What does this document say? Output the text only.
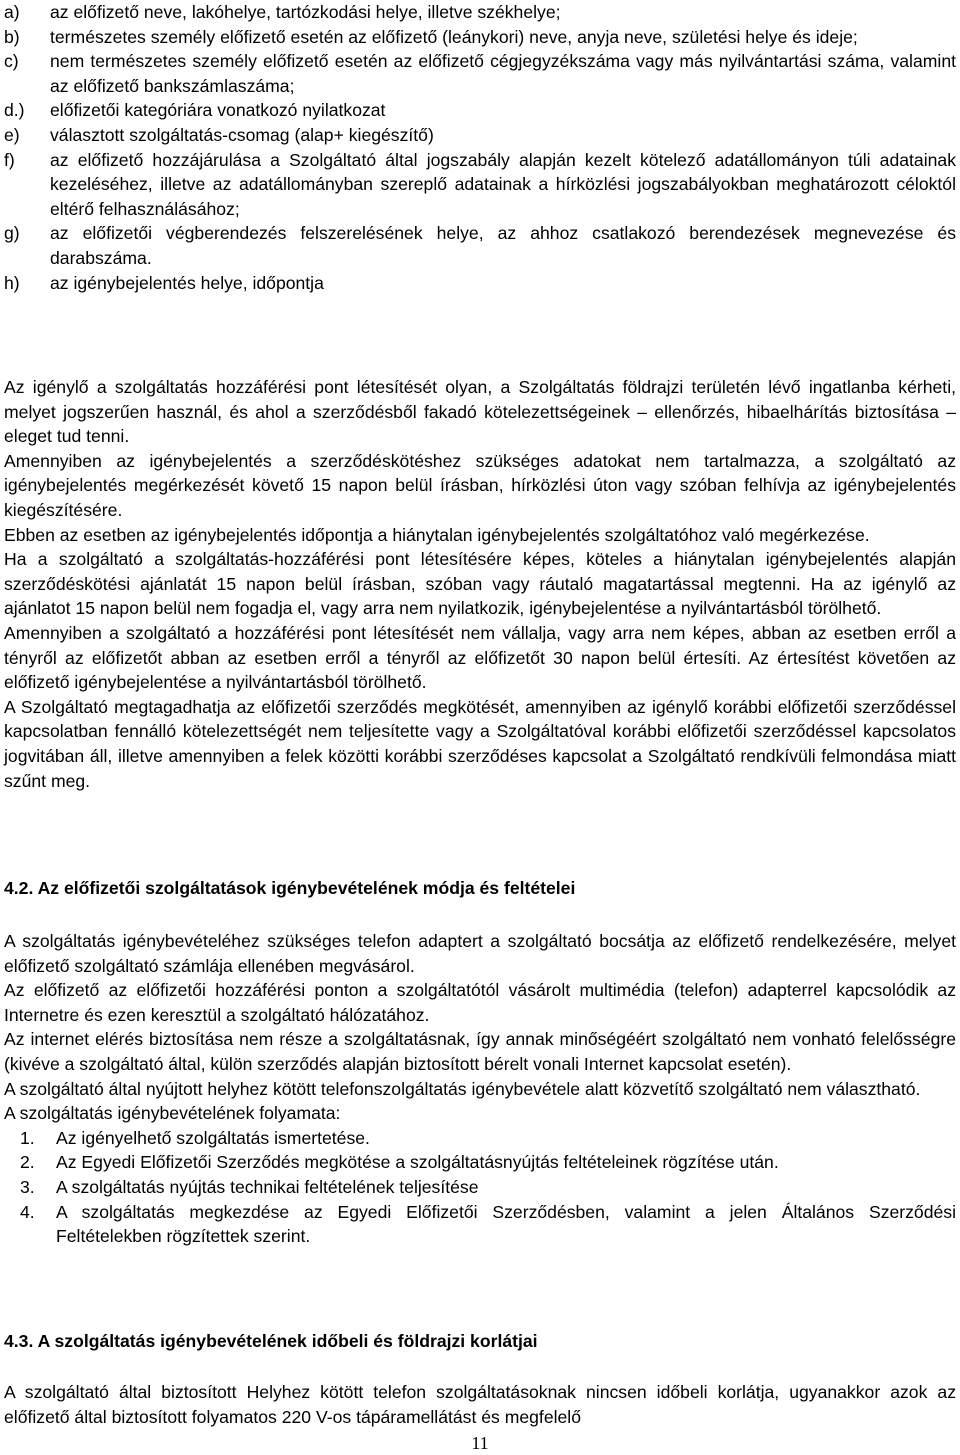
a)	az előfizető neve, lakóhelye, tartózkodási helye, illetve székhelye;
b)	természetes személy előfizető esetén az előfizető (leánykori) neve, anyja neve, születési helye és ideje;
c)	nem természetes személy előfizető esetén az előfizető cégjegyzékszáma vagy más nyilvántartási száma, valamint az előfizető bankszámlaszáma;
d.)	előfizetői kategóriára vonatkozó nyilatkozat
e)	választott szolgáltatás-csomag (alap+ kiegészítő)
f)	az előfizető hozzájárulása a Szolgáltató által jogszabály alapján kezelt kötelező adatállományon túli adatainak kezeléséhez, illetve az adatállományban szereplő adatainak a hírközlési jogszabályokban meghatározott céloktól eltérő felhasználásához;
g)	az előfizetői végberendezés felszerelésének helye, az ahhoz csatlakozó berendezések megnevezése és darabszáma.
h)	az igénybejelentés helye, időpontja

Az igénylő a szolgáltatás hozzáférési pont létesítését olyan, a Szolgáltatás földrajzi területén lévő ingatlanba kérheti, melyet jogszerűen használ, és ahol a szerződésből fakadó kötelezettségeinek – ellenőrzés, hibaelhárítás biztosítása – eleget tud tenni.

Amennyiben az igénybejelentés a szerződéskötéshez szükséges adatokat nem tartalmazza, a szolgáltató az igénybejelentés megérkezését követő 15 napon belül írásban, hírközlési úton vagy szóban felhívja az igénybejelentés kiegészítésére.

Ebben az esetben az igénybejelentés időpontja a hiánytalan igénybejelentés szolgáltatóhoz való megérkezése.

Ha a szolgáltató a szolgáltatás-hozzáférési pont létesítésére képes, köteles a hiánytalan igénybejelentés alapján szerződéskötési ajánlatát 15 napon belül írásban, szóban vagy ráutaló magatartással megtenni. Ha az igénylő az ajánlatot 15 napon belül nem fogadja el, vagy arra nem nyilatkozik, igénybejelentése a nyilvántartásból törölhető.

Amennyiben a szolgáltató a hozzáférési pont létesítését nem vállalja, vagy arra nem képes, abban az esetben erről a tényről az előfizetőt abban az esetben erről a tényről az előfizetőt 30 napon belül értesíti. Az értesítést követően az előfizető igénybejelentése a nyilvántartásból törölhető.

A Szolgáltató megtagadhatja az előfizetői szerződés megkötését, amennyiben az igénylő korábbi előfizetői szerződéssel kapcsolatban fennálló kötelezettségét nem teljesítette vagy a Szolgáltatóval korábbi előfizetői szerződéssel kapcsolatos jogvitában áll, illetve amennyiben a felek közötti korábbi szerződéses kapcsolat a Szolgáltató rendkívüli felmondása miatt szűnt meg.

4.2. Az előfizetői szolgáltatások igénybevételének módja és feltételei

A szolgáltatás igénybevételéhez szükséges telefon adaptert a szolgáltató bocsátja az előfizető rendelkezésére, melyet előfizető szolgáltató számlája ellenében megvásárol.

Az előfizető az előfizetői hozzáférési ponton a szolgáltatótól vásárolt multimédia (telefon) adapterrel kapcsolódik az Internetre és ezen keresztül a szolgáltató hálózatához.

Az internet elérés biztosítása nem része a szolgáltatásnak, így annak minőségéért szolgáltató nem vonható felelősségre (kivéve a szolgáltató által, külön szerződés alapján biztosított bérelt vonali Internet kapcsolat esetén).

A szolgáltató által nyújtott helyhez kötött telefonszolgáltatás igénybevétele alatt közvetítő szolgáltató nem választható.

A szolgáltatás igénybevételének folyamata:

1.	Az igényelhető szolgáltatás ismertetése.
2.	Az Egyedi Előfizetői Szerződés megkötése a szolgáltatásnyújtás feltételeinek rögzítése után.
3.	A szolgáltatás nyújtás technikai feltételének teljesítése
4.	A szolgáltatás megkezdése az Egyedi Előfizetői Szerződésben, valamint a jelen Általános Szerződési Feltételekben rögzítettek szerint.
4.3. A szolgáltatás igénybevételének időbeli és földrajzi korlátjai

A szolgáltató által biztosított Helyhez kötött telefon szolgáltatásoknak nincsen időbeli korlátja, ugyanakkor azok az előfizető által biztosított folyamatos 220 V-os tápáramellátást és megfelelő

11
